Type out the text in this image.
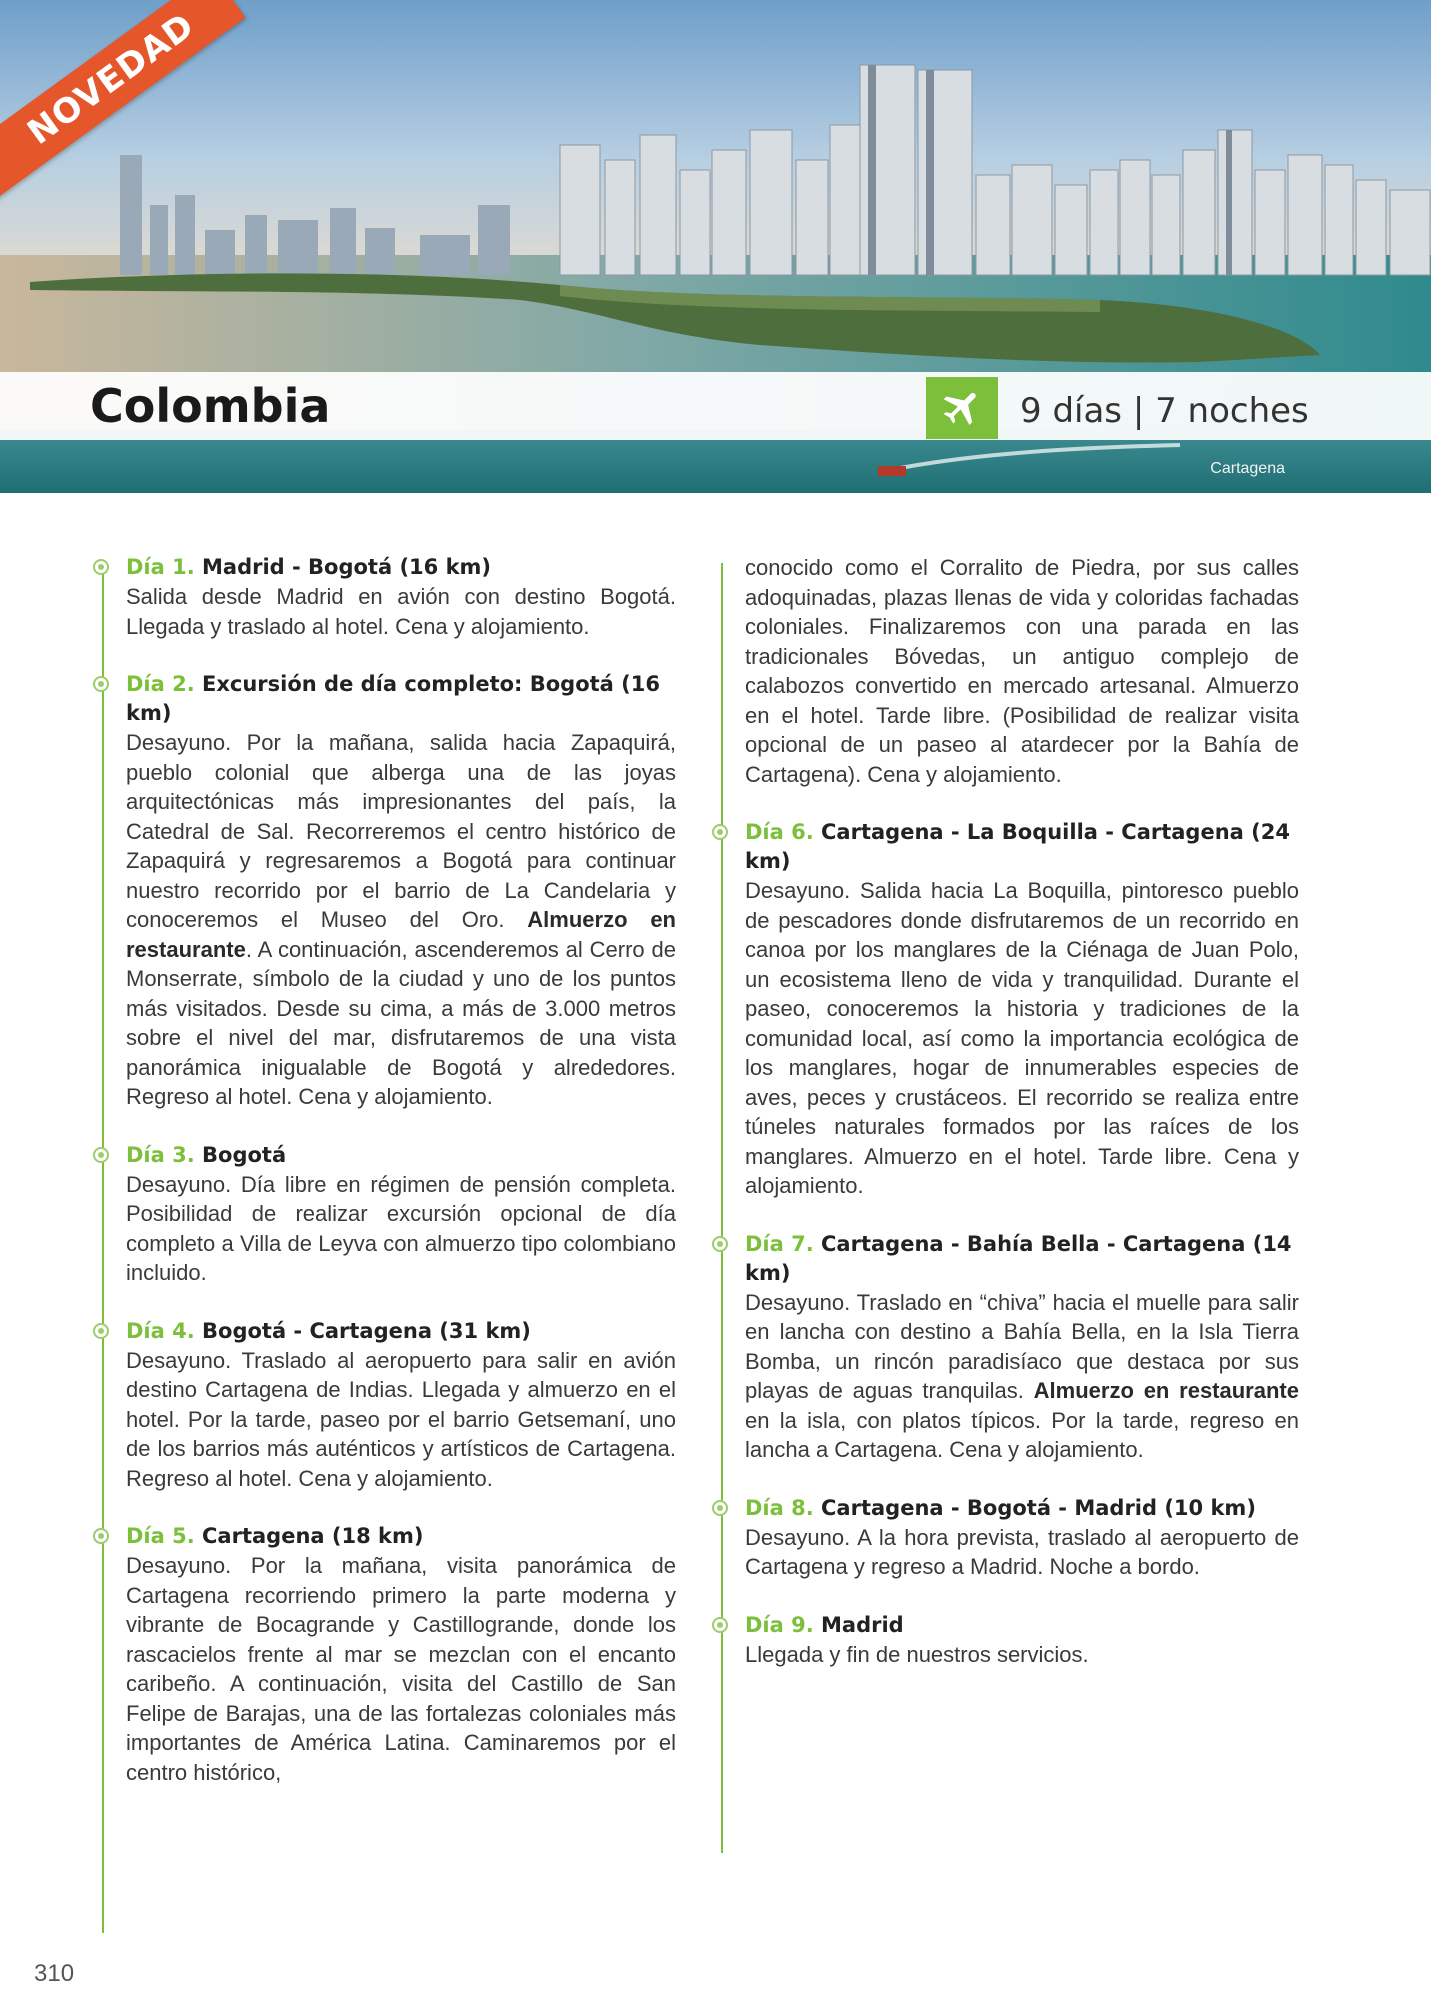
NOVEDAD
Colombia	9 días | 7 noches
Cartagena
Día 1. Madrid - Bogotá (16 km)

Salida desde Madrid en avión con destino Bogotá. Llegada y traslado al hotel. Cena y alojamiento.

Día 2. Excursión de día completo: Bogotá (16 km)

Desayuno. Por la mañana, salida hacia Zapaquirá, pueblo colonial que alberga una de las joyas arquitectónicas más impresionantes del país, la Catedral de Sal. Recorreremos el centro histórico de Zapaquirá y regresaremos a Bogotá para continuar nuestro recorrido por el barrio de La Candelaria y conoceremos el Museo del Oro. Almuerzo en restaurante. A continuación, ascenderemos al Cerro de Monserrate, símbolo de la ciudad y uno de los puntos más visitados. Desde su cima, a más de 3.000 metros sobre el nivel del mar, disfrutaremos de una vista panorámica inigualable de Bogotá y alrededores. Regreso al hotel. Cena y alojamiento.

Día 3. Bogotá

Desayuno. Día libre en régimen de pensión completa. Posibilidad de realizar excursión opcional de día completo a Villa de Leyva con almuerzo tipo colombiano incluido.

Día 4. Bogotá - Cartagena (31 km)

Desayuno. Traslado al aeropuerto para salir en avión destino Cartagena de Indias. Llegada y almuerzo en el hotel. Por la tarde, paseo por el barrio Getsemaní, uno de los barrios más auténticos y artísticos de Cartagena. Regreso al hotel. Cena y alojamiento.

Día 5. Cartagena (18 km)

Desayuno. Por la mañana, visita panorámica de Cartagena recorriendo primero la parte moderna y vibrante de Bocagrande y Castillogrande, donde los rascacielos frente al mar se mezclan con el encanto caribeño. A continuación, visita del Castillo de San Felipe de Barajas, una de las fortalezas coloniales más importantes de América Latina. Caminaremos por el centro histórico,

conocido como el Corralito de Piedra, por sus calles adoquinadas, plazas llenas de vida y coloridas fachadas coloniales. Finalizaremos con una parada en las tradicionales Bóvedas, un antiguo complejo de calabozos convertido en mercado artesanal. Almuerzo en el hotel. Tarde libre. (Posibilidad de realizar visita opcional de un paseo al atardecer por la Bahía de Cartagena). Cena y alojamiento.

Día 6. Cartagena - La Boquilla - Cartagena (24 km)

Desayuno. Salida hacia La Boquilla, pintoresco pueblo de pescadores donde disfrutaremos de un recorrido en canoa por los manglares de la Ciénaga de Juan Polo, un ecosistema lleno de vida y tranquilidad. Durante el paseo, conoceremos la historia y tradiciones de la comunidad local, así como la importancia ecológica de los manglares, hogar de innumerables especies de aves, peces y crustáceos. El recorrido se realiza entre túneles naturales formados por las raíces de los manglares. Almuerzo en el hotel. Tarde libre. Cena y alojamiento.

Día 7. Cartagena - Bahía Bella - Cartagena (14 km)

Desayuno. Traslado en “chiva” hacia el muelle para salir en lancha con destino a Bahía Bella, en la Isla Tierra Bomba, un rincón paradisíaco que destaca por sus playas de aguas tranquilas. Almuerzo en restaurante en la isla, con platos típicos. Por la tarde, regreso en lancha a Cartagena. Cena y alojamiento.

Día 8. Cartagena - Bogotá - Madrid (10 km)

Desayuno. A la hora prevista, traslado al aeropuerto de Cartagena y regreso a Madrid. Noche a bordo.

Día 9. Madrid

Llegada y fin de nuestros servicios.

310
